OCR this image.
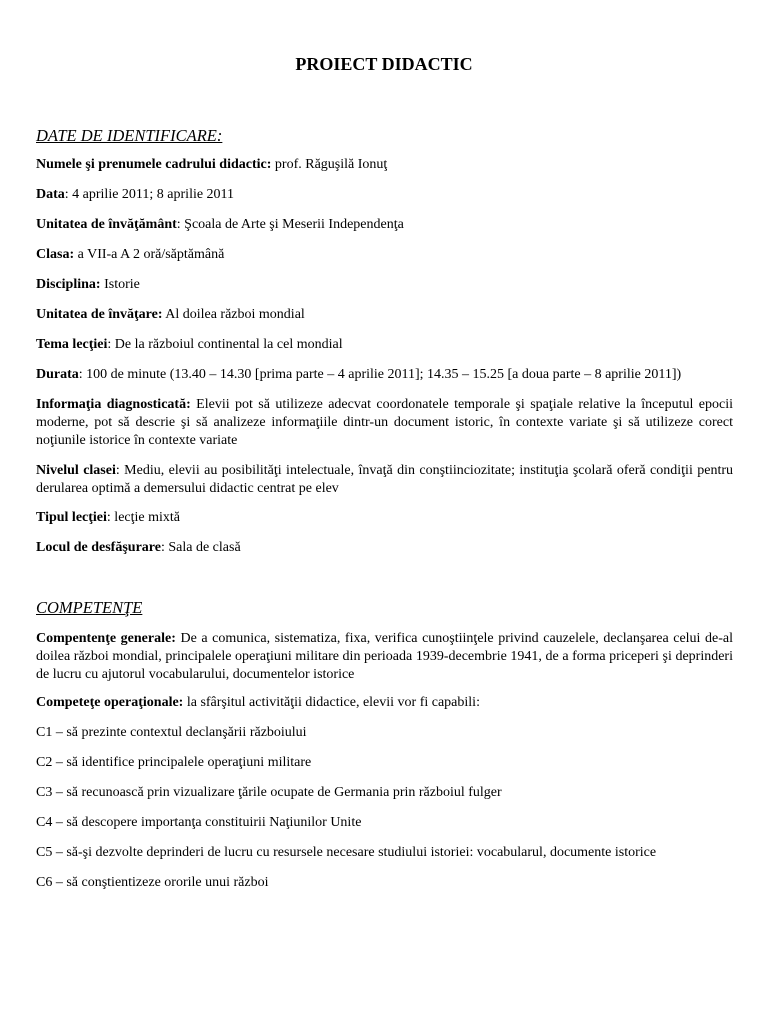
PROIECT DIDACTIC
DATE DE IDENTIFICARE:
Numele şi prenumele cadrului didactic: prof. Răguşilă Ionuţ
Data: 4 aprilie 2011; 8 aprilie 2011
Unitatea de învăţământ: Şcoala de Arte şi Meserii Independenţa
Clasa: a VII-a A 2 oră/săptămână
Disciplina: Istorie
Unitatea de învăţare: Al doilea război mondial
Tema lecţiei: De la războiul continental la cel mondial
Durata: 100 de minute (13.40 – 14.30 [prima parte – 4 aprilie 2011]; 14.35 – 15.25 [a doua parte – 8 aprilie 2011])
Informaţia diagnosticată: Elevii pot să utilizeze adecvat coordonatele temporale şi spaţiale relative la începutul epocii moderne, pot să descrie şi să analizeze informaţiile dintr-un document istoric, în contexte variate şi să utilizeze corect noţiunile istorice în contexte variate
Nivelul clasei: Mediu, elevii au posibilităţi intelectuale, învaţă din conştiinciozitate; instituţia şcolară oferă condiţii pentru derularea optimă a demersului didactic centrat pe elev
Tipul lecţiei: lecţie mixtă
Locul de desfăşurare: Sala de clasă
COMPETENŢE
Compentenţe generale: De a comunica, sistematiza, fixa, verifica cunoştiinţele privind cauzelele, declanşarea celui de-al doilea război mondial, principalele operaţiuni militare din perioada 1939-decembrie 1941, de a forma priceperi şi deprinderi de lucru cu ajutorul vocabularului, documentelor istorice
Competeţe operaţionale: la sfârşitul activităţii didactice, elevii vor fi capabili:
C1 – să prezinte contextul declanşării războiului
C2 – să identifice principalele operaţiuni militare
C3 – să recunoască prin vizualizare ţările ocupate de Germania prin războiul fulger
C4 – să descopere importanţa constituirii Naţiunilor Unite
C5 – să-şi dezvolte deprinderi de lucru cu resursele necesare studiului istoriei: vocabularul, documente istorice
C6 – să conştientizeze ororile unui război
